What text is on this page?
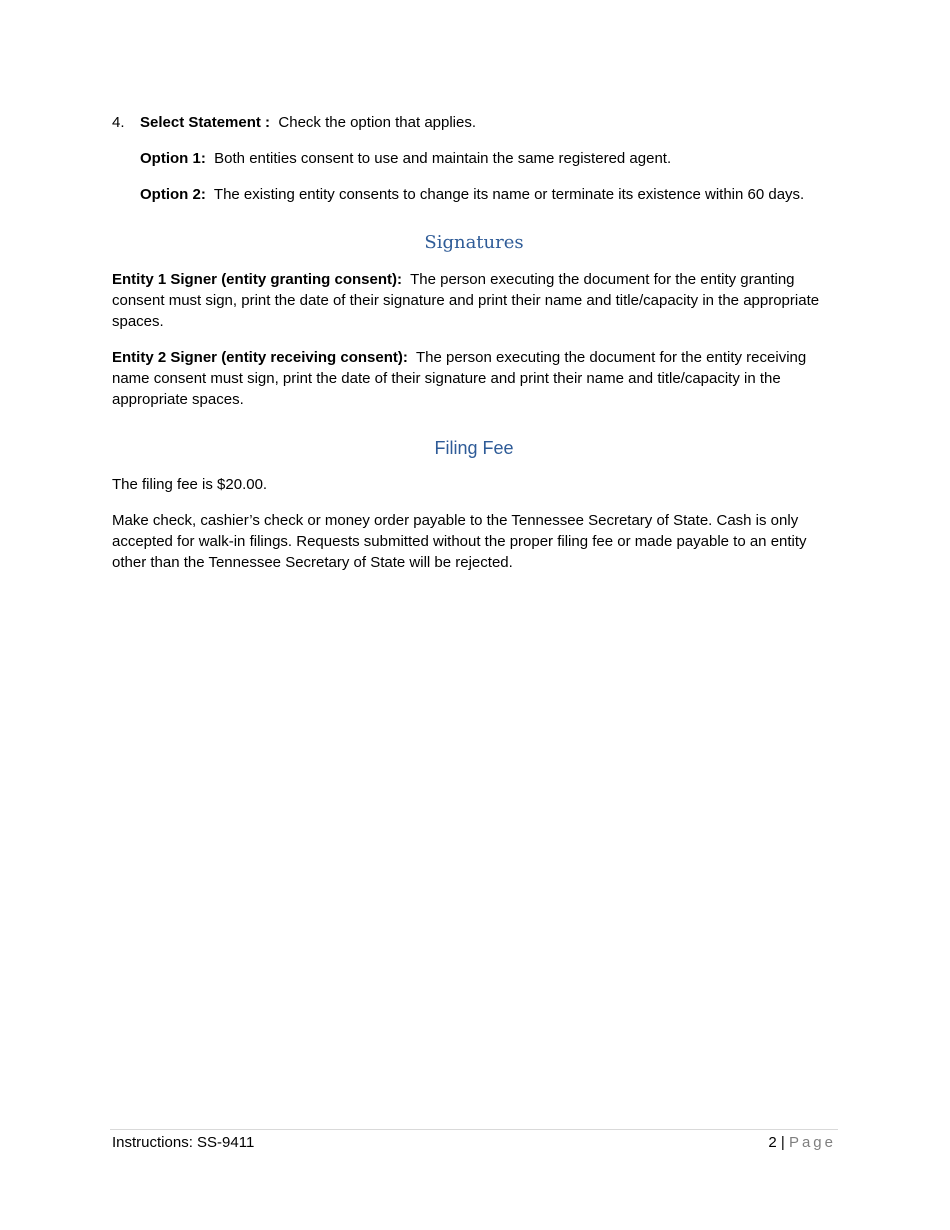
4. Select Statement : Check the option that applies.

Option 1: Both entities consent to use and maintain the same registered agent.

Option 2: The existing entity consents to change its name or terminate its existence within 60 days.

Signatures

Entity 1 Signer (entity granting consent): The person executing the document for the entity granting consent must sign, print the date of their signature and print their name and title/capacity in the appropriate spaces.

Entity 2 Signer (entity receiving consent): The person executing the document for the entity receiving name consent must sign, print the date of their signature and print their name and title/capacity in the appropriate spaces.

Filing Fee

The filing fee is $20.00.

Make check, cashier’s check or money order payable to the Tennessee Secretary of State. Cash is only accepted for walk-in filings. Requests submitted without the proper filing fee or made payable to an entity other than the Tennessee Secretary of State will be rejected.

Instructions: SS-9411	2 | Page
